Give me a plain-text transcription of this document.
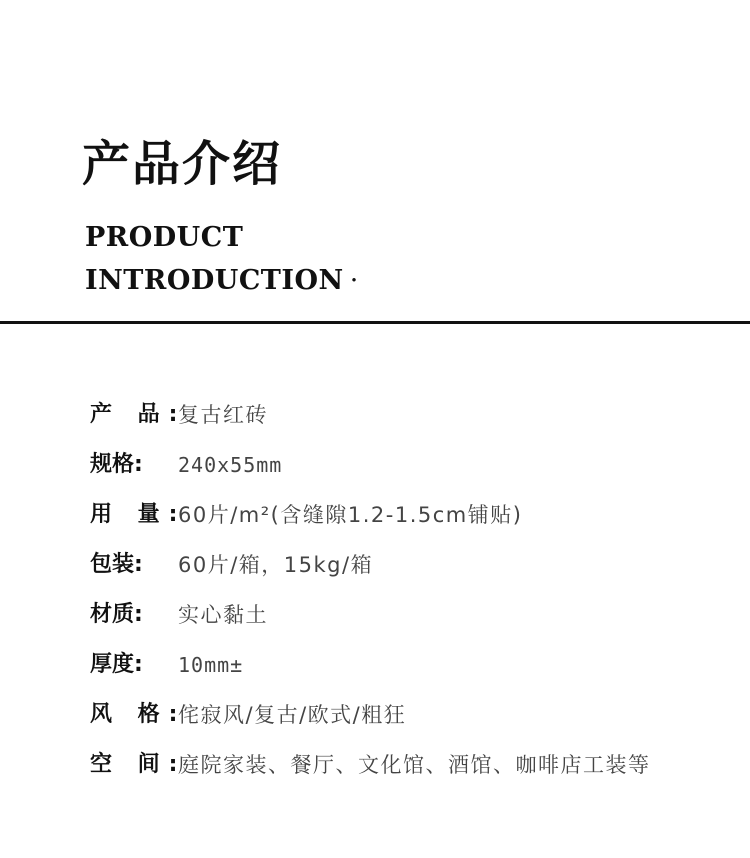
产品介绍
PRODUCT
INTRODUCTION ·
产 品:
复古红砖
规格:	240x55mm
用 量:
60片/m²(含缝隙1.2-1.5cm铺贴)
包装:	60片/箱，15kg/箱
材质:	实心黏土
厚度:	10mm±
风 格:
侘寂风/复古/欧式/粗狂
空 间:
庭院家装、餐厅、文化馆、酒馆、咖啡店工装等
